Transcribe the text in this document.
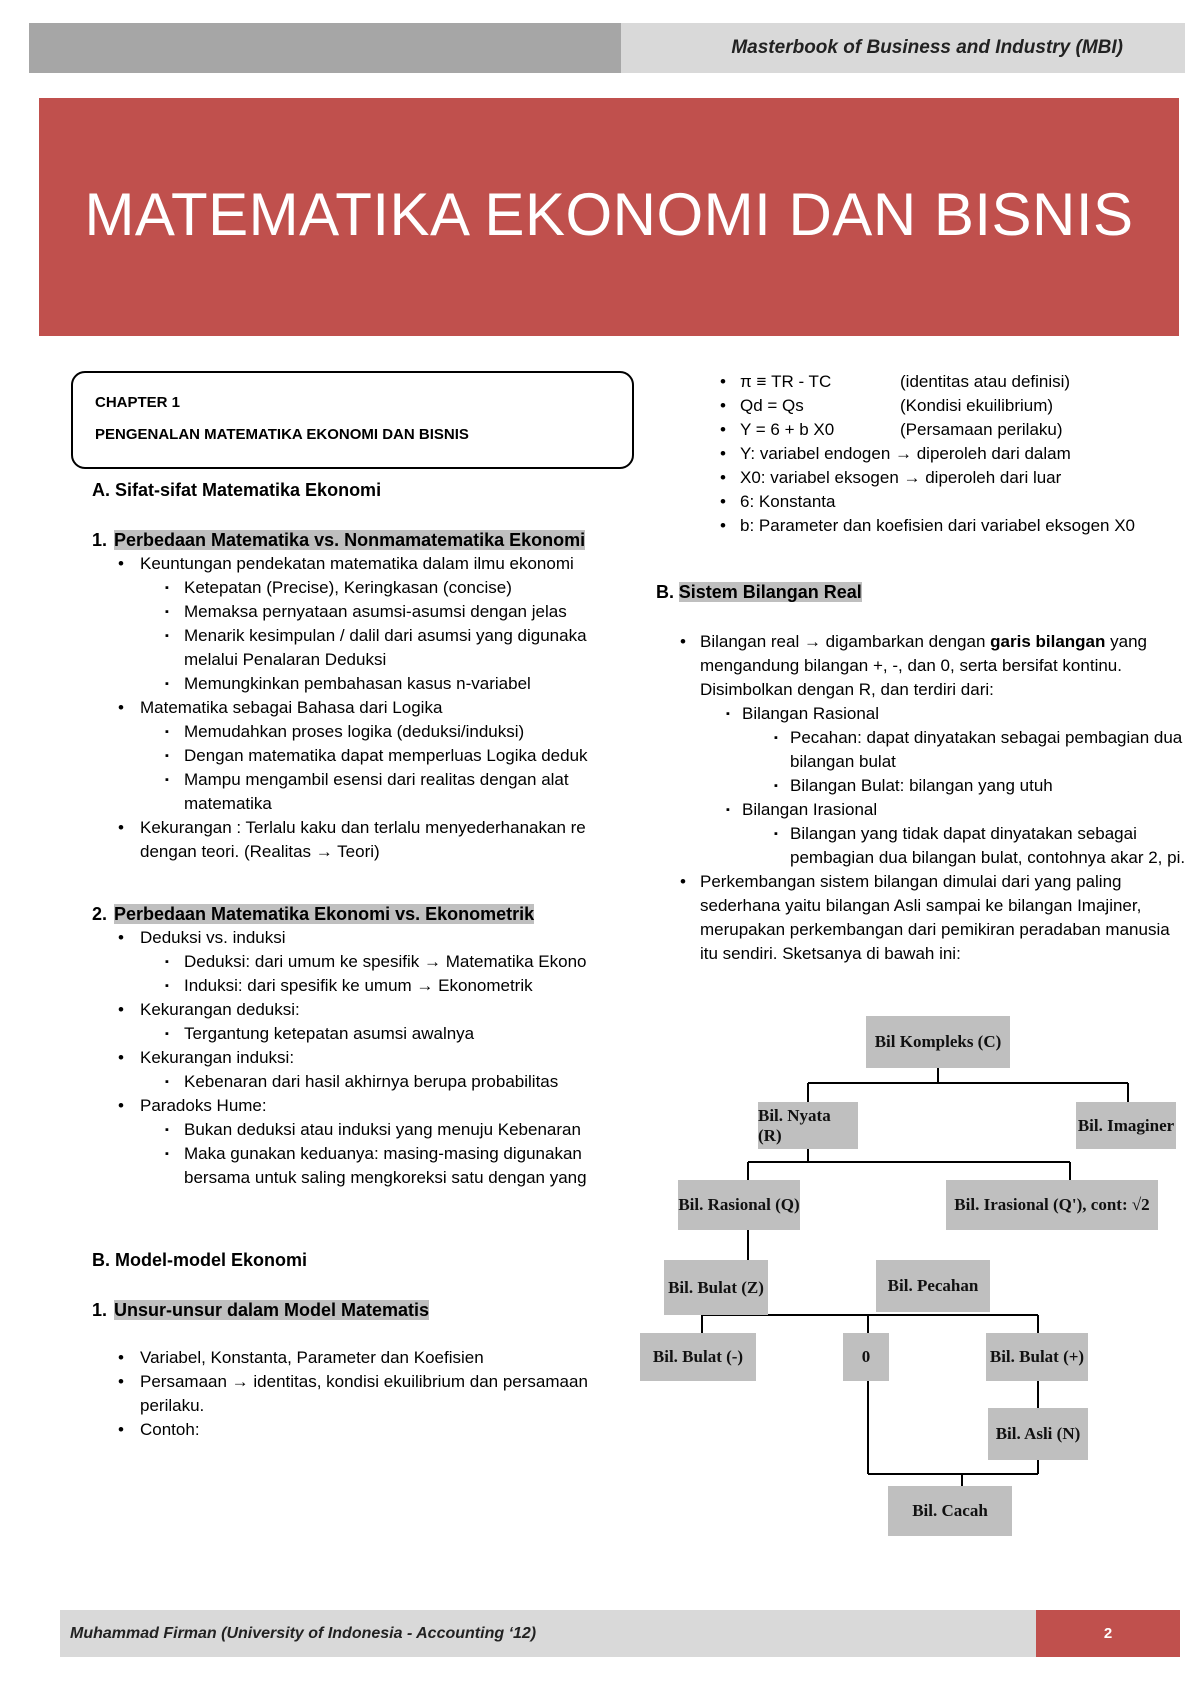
Masterbook of Business and Industry (MBI)
MATEMATIKA EKONOMI DAN BISNIS
CHAPTER 1
PENGENALAN MATEMATIKA EKONOMI DAN BISNIS
A. Sifat-sifat Matematika Ekonomi
1. Perbedaan Matematika vs. Nonmamatematika Ekonomi
• Keuntungan pendekatan matematika dalam ilmu ekonomi
▪ Ketepatan (Precise), Keringkasan (concise)
▪ Memaksa pernyataan asumsi-asumsi dengan jelas
▪ Menarik kesimpulan / dalil dari asumsi yang digunaka
melalui Penalaran Deduksi
▪ Memungkinkan pembahasan kasus n-variabel
• Matematika sebagai Bahasa dari Logika
▪ Memudahkan proses logika (deduksi/induksi)
▪ Dengan matematika dapat memperluas Logika deduk
▪ Mampu mengambil esensi dari realitas dengan alat
matematika
• Kekurangan : Terlalu kaku dan terlalu menyederhanakan re
dengan teori. (Realitas → Teori)
2. Perbedaan Matematika Ekonomi vs. Ekonometrik
• Deduksi vs. induksi
▪ Deduksi: dari umum ke spesifik → Matematika Ekono
▪ Induksi: dari spesifik ke umum → Ekonometrik
• Kekurangan deduksi:
▪ Tergantung ketepatan asumsi awalnya
• Kekurangan induksi:
▪ Kebenaran dari hasil akhirnya berupa probabilitas
• Paradoks Hume:
▪ Bukan deduksi atau induksi yang menuju Kebenaran
▪ Maka gunakan keduanya: masing-masing digunakan
bersama untuk saling mengkoreksi satu dengan yang
B. Model-model Ekonomi
1. Unsur-unsur dalam Model Matematis
• Variabel, Konstanta, Parameter dan Koefisien
• Persamaan → identitas, kondisi ekuilibrium dan persamaan
perilaku.
• Contoh:
• π ≡ TR - TC	(identitas atau definisi)
• Qd = Qs	(Kondisi ekuilibrium)
• Y = 6 + b X0	(Persamaan perilaku)
• Y: variabel endogen → diperoleh dari dalam
• X0: variabel eksogen → diperoleh dari luar
• 6: Konstanta
• b: Parameter dan koefisien dari variabel eksogen X0
B. Sistem Bilangan Real
• Bilangan real → digambarkan dengan garis bilangan yang
mengandung bilangan +, -, dan 0, serta bersifat kontinu.
Disimbolkan dengan R, dan terdiri dari:
▪ Bilangan Rasional
▪ Pecahan: dapat dinyatakan sebagai pembagian dua
bilangan bulat
▪ Bilangan Bulat: bilangan yang utuh
▪ Bilangan Irasional
▪ Bilangan yang tidak dapat dinyatakan sebagai
pembagian dua bilangan bulat, contohnya akar 2, pi.
• Perkembangan sistem bilangan dimulai dari yang paling
sederhana yaitu bilangan Asli sampai ke bilangan Imajiner,
merupakan perkembangan dari pemikiran peradaban manusia
itu sendiri. Sketsanya di bawah ini:
Bil Kompleks (C)
Bil. Nyata (R)
Bil. Imaginer
Bil. Rasional (Q)	Bil. Irasional (Q'), cont: √2
Bil. Bulat (Z)	Bil. Pecahan
Bil. Bulat (-)	0	Bil. Bulat (+)
Bil. Asli (N)
Bil. Cacah
Muhammad Firman (University of Indonesia - Accounting ‘12)	2
